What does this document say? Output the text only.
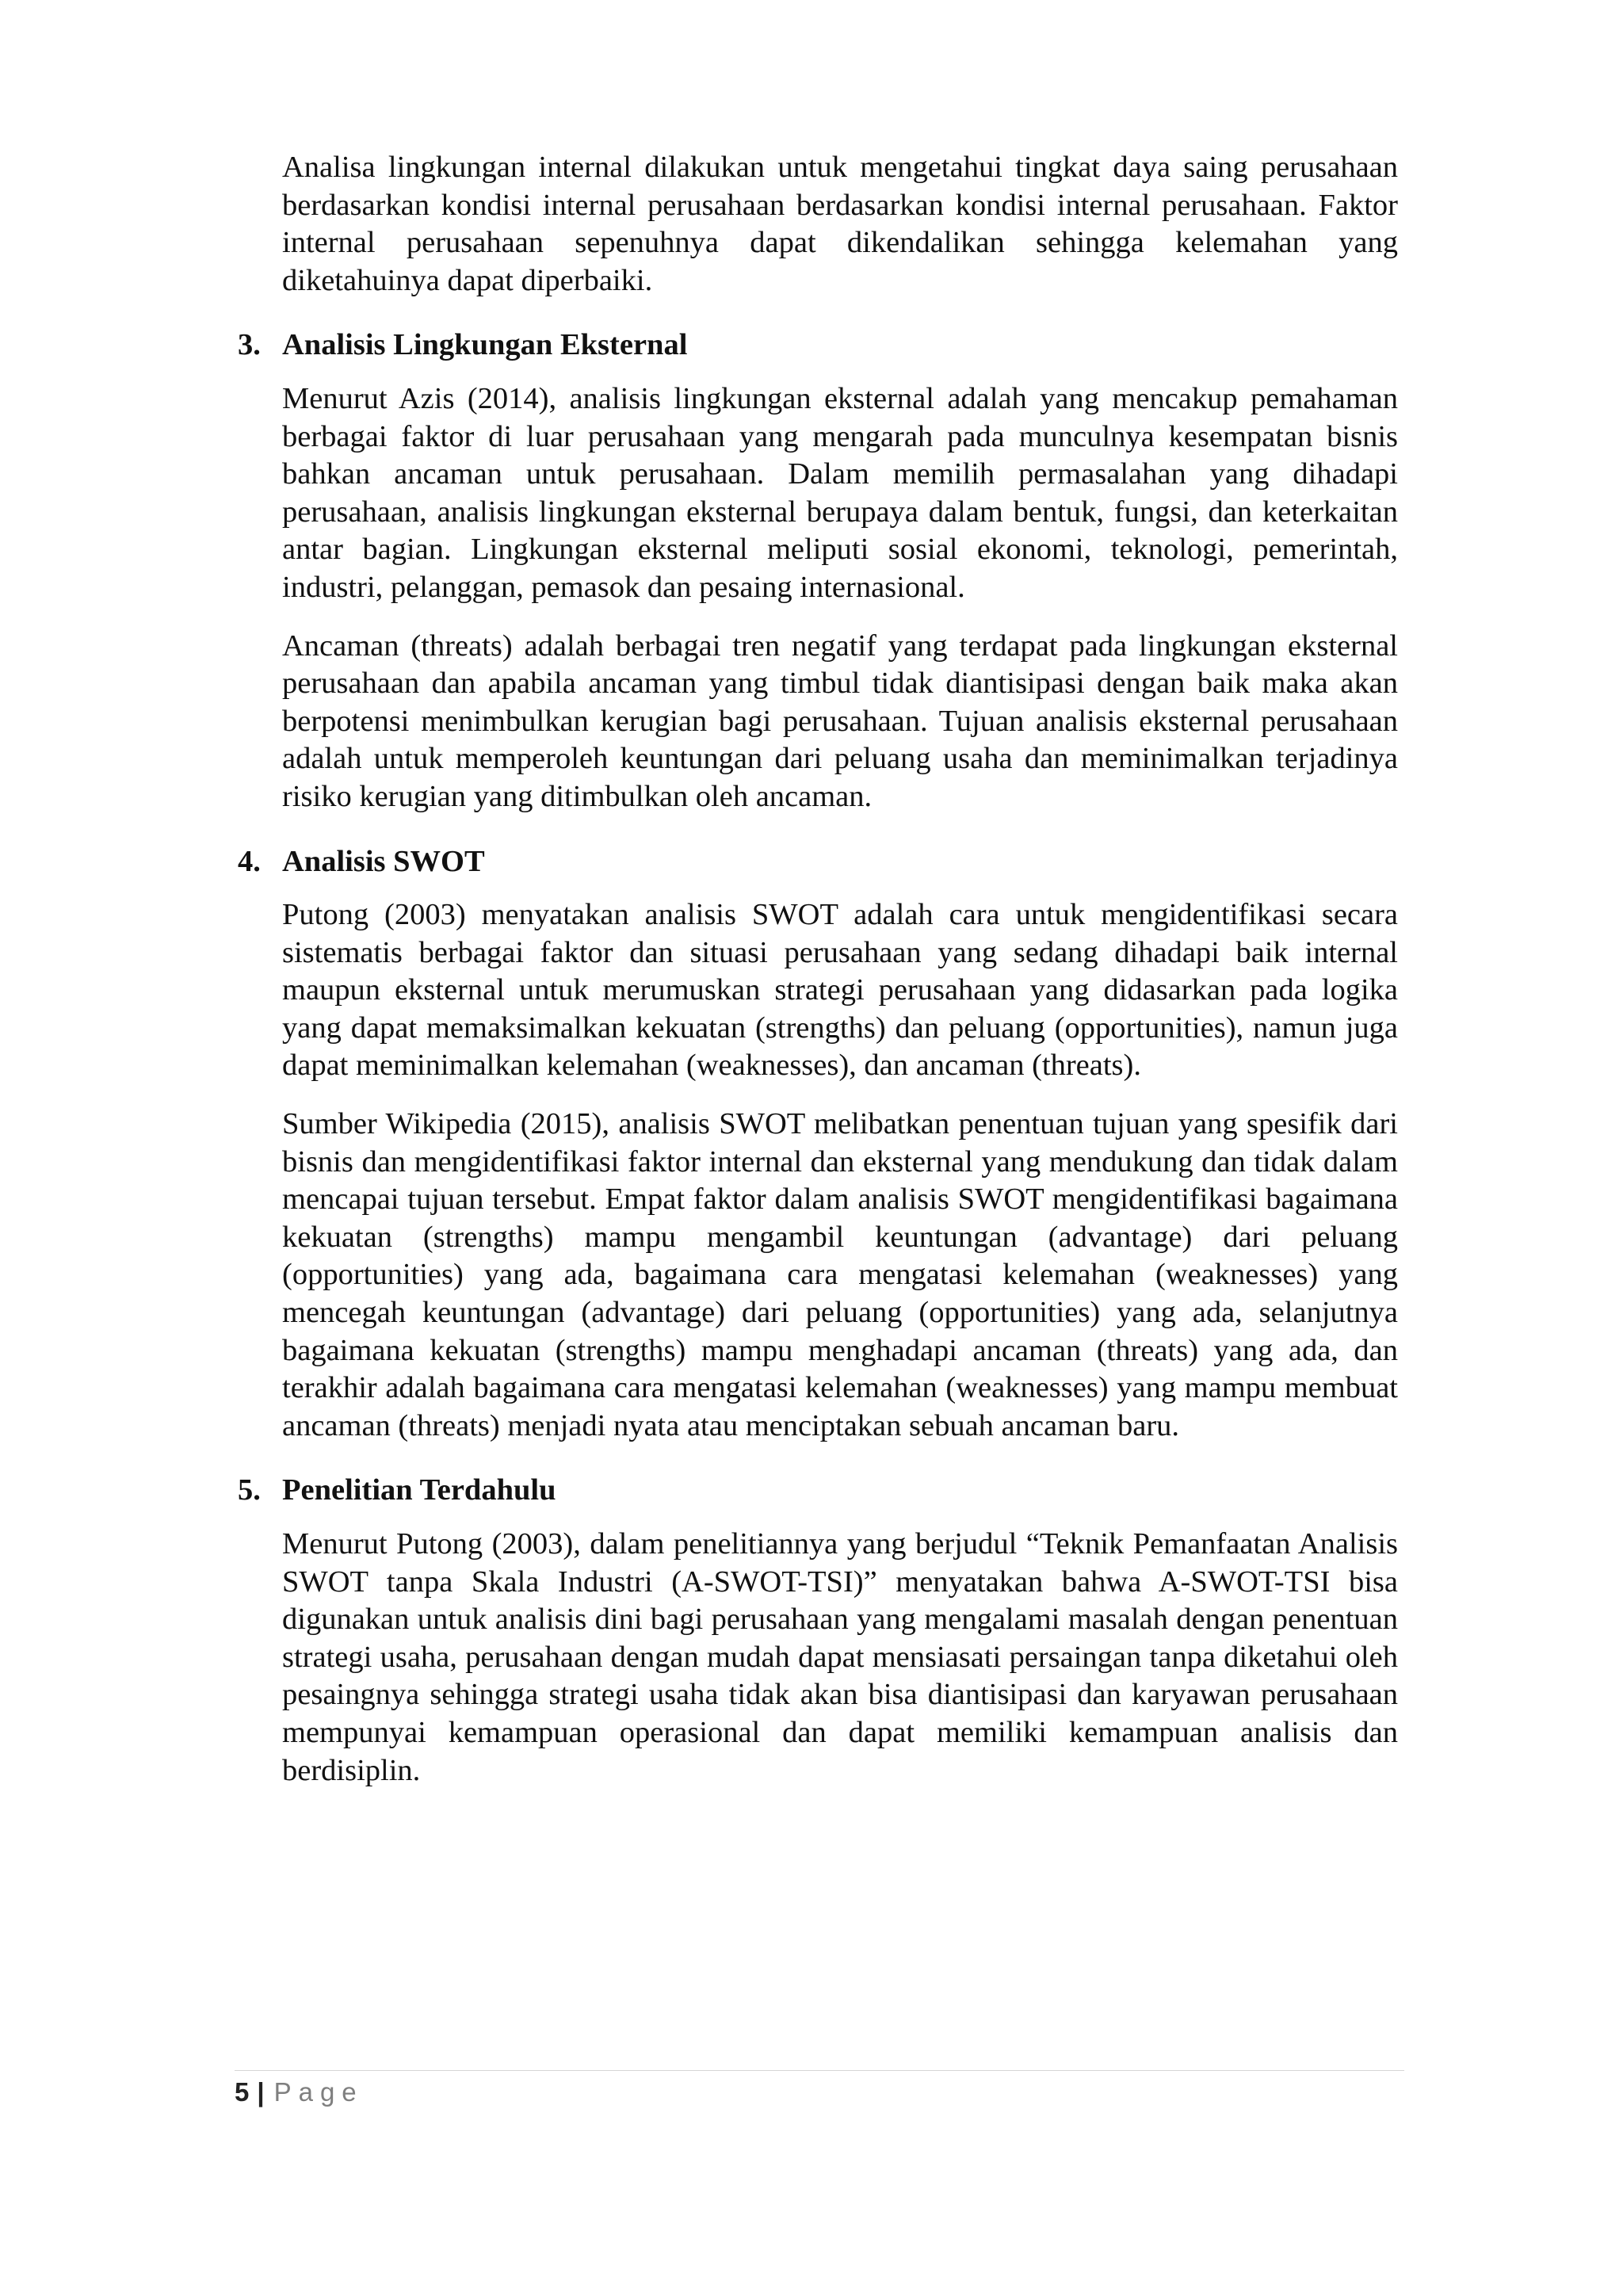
Analisa lingkungan internal dilakukan untuk mengetahui tingkat daya saing perusahaan berdasarkan kondisi internal perusahaan berdasarkan kondisi internal perusahaan. Faktor internal perusahaan sepenuhnya dapat dikendalikan sehingga kelemahan yang diketahuinya dapat diperbaiki.

3. Analisis Lingkungan Eksternal

Menurut Azis (2014), analisis lingkungan eksternal adalah yang mencakup pemahaman berbagai faktor di luar perusahaan yang mengarah pada munculnya kesempatan bisnis bahkan ancaman untuk perusahaan. Dalam memilih permasalahan yang dihadapi perusahaan, analisis lingkungan eksternal berupaya dalam bentuk, fungsi, dan keterkaitan antar bagian. Lingkungan eksternal meliputi sosial ekonomi, teknologi, pemerintah, industri, pelanggan, pemasok dan pesaing internasional.

Ancaman (threats) adalah berbagai tren negatif yang terdapat pada lingkungan eksternal perusahaan dan apabila ancaman yang timbul tidak diantisipasi dengan baik maka akan berpotensi menimbulkan kerugian bagi perusahaan. Tujuan analisis eksternal perusahaan adalah untuk memperoleh keuntungan dari peluang usaha dan meminimalkan terjadinya risiko kerugian yang ditimbulkan oleh ancaman.

4. Analisis SWOT

Putong (2003) menyatakan analisis SWOT adalah cara untuk mengidentifikasi secara sistematis berbagai faktor dan situasi perusahaan yang sedang dihadapi baik internal maupun eksternal untuk merumuskan strategi perusahaan yang didasarkan pada logika yang dapat memaksimalkan kekuatan (strengths) dan peluang (opportunities), namun juga dapat meminimalkan kelemahan (weaknesses), dan ancaman (threats).

Sumber Wikipedia (2015), analisis SWOT melibatkan penentuan tujuan yang spesifik dari bisnis dan mengidentifikasi faktor internal dan eksternal yang mendukung dan tidak dalam mencapai tujuan tersebut. Empat faktor dalam analisis SWOT mengidentifikasi bagaimana kekuatan (strengths) mampu mengambil keuntungan (advantage) dari peluang (opportunities) yang ada, bagaimana cara mengatasi kelemahan (weaknesses) yang mencegah keuntungan (advantage) dari peluang (opportunities) yang ada, selanjutnya bagaimana kekuatan (strengths) mampu menghadapi ancaman (threats) yang ada, dan terakhir adalah bagaimana cara mengatasi kelemahan (weaknesses) yang mampu membuat ancaman (threats) menjadi nyata atau menciptakan sebuah ancaman baru.

5. Penelitian Terdahulu

Menurut Putong (2003), dalam penelitiannya yang berjudul “Teknik Pemanfaatan Analisis SWOT tanpa Skala Industri (A-SWOT-TSI)” menyatakan bahwa A-SWOT-TSI bisa digunakan untuk analisis dini bagi perusahaan yang mengalami masalah dengan penentuan strategi usaha, perusahaan dengan mudah dapat mensiasati persaingan tanpa diketahui oleh pesaingnya sehingga strategi usaha tidak akan bisa diantisipasi dan karyawan perusahaan mempunyai kemampuan operasional dan dapat memiliki kemampuan analisis dan berdisiplin.

5 | Page
